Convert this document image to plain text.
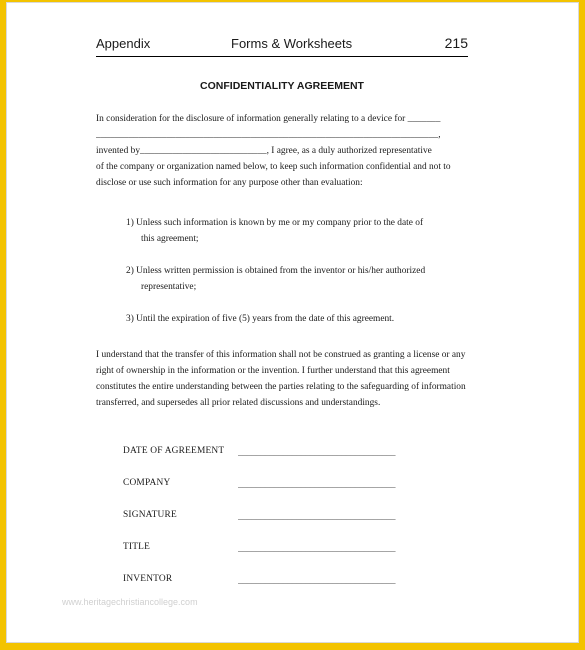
Appendix	Forms & Worksheets	215
CONFIDENTIALITY AGREEMENT

In consideration for the disclosure of information generally relating to a device for _______

_________________________________________________________________________,

invented by___________________________, I agree, as a duly authorized representative

of the company or organization named below, to keep such information confidential and not to

disclose or use such information for any purpose other than evaluation:

1) Unless such information is known by me or my company prior to the date of
this agreement;
2) Unless written permission is obtained from the inventor or his/her authorized
representative;
3) Until the expiration of five (5) years from the date of this agreement.

I understand that the transfer of this information shall not be construed as granting a license or any

right of ownership in the information or the invention. I further understand that this agreement

constitutes the entire understanding between the parties relating to the safeguarding of information

transferred, and supersedes all prior related discussions and understandings.

DATE OF AGREEMENT ___________________________________
COMPANY	___________________________________
SIGNATURE	___________________________________
TITLE	___________________________________
INVENTOR	___________________________________
www.heritagechristiancollege.com
